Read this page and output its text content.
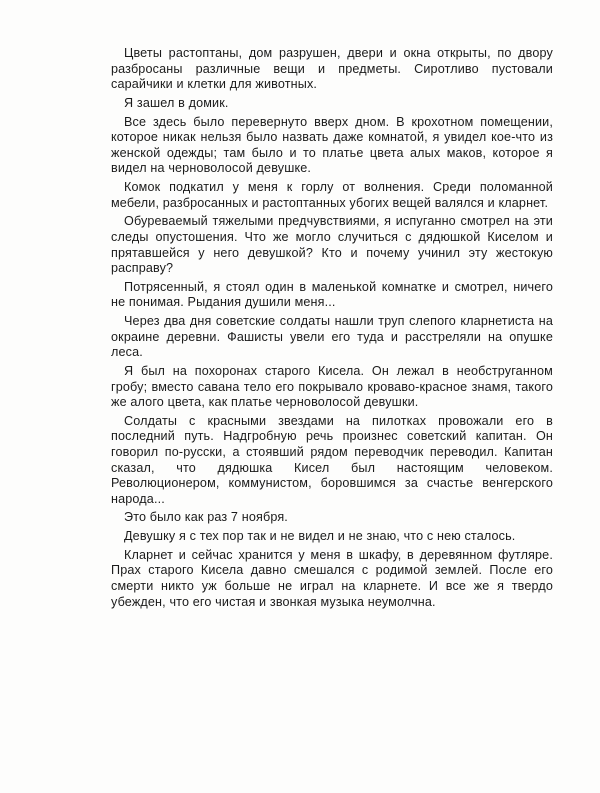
Цветы растоптаны, дом разрушен, двери и окна открыты, по двору разбросаны различные вещи и предметы. Сиротливо пустовали сарайчики и клетки для животных.

Я зашел в домик.

Все здесь было перевернуто вверх дном. В крохотном помещении, которое никак нельзя было назвать даже комнатой, я увидел кое-что из женской одежды; там было и то платье цвета алых маков, которое я видел на черноволосой девушке.

Комок подкатил у меня к горлу от волнения. Среди поломанной мебели, разбросанных и растоптанных убогих вещей валялся и кларнет.

Обуреваемый тяжелыми предчувствиями, я испуганно смотрел на эти следы опустошения. Что же могло случиться с дядюшкой Киселом и прятавшейся у него девушкой? Кто и почему учинил эту жестокую расправу?

Потрясенный, я стоял один в маленькой комнатке и смотрел, ничего не понимая. Рыдания душили меня...

Через два дня советские солдаты нашли труп слепого кларнетиста на окраине деревни. Фашисты увели его туда и расстреляли на опушке леса.

Я был на похоронах старого Кисела. Он лежал в необструганном гробу; вместо савана тело его покрывало кроваво-красное знамя, такого же алого цвета, как платье черноволосой девушки.

Солдаты с красными звездами на пилотках провожали его в последний путь. Надгробную речь произнес советский капитан. Он говорил по-русски, а стоявший рядом переводчик переводил. Капитан сказал, что дядюшка Кисел был настоящим человеком. Революционером, коммунистом, боровшимся за счастье венгерского народа...

Это было как раз 7 ноября.

Девушку я с тех пор так и не видел и не знаю, что с нею сталось.

Кларнет и сейчас хранится у меня в шкафу, в деревянном футляре. Прах старого Кисела давно смешался с родимой землей. После его смерти никто уж больше не играл на кларнете. И все же я твердо убежден, что его чистая и звонкая музыка неумолчна.
